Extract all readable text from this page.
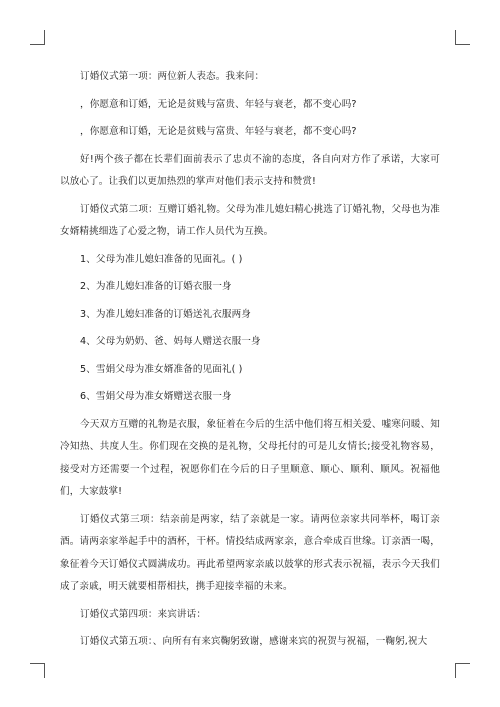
订婚仪式第一项：两位新人表态。我来问：

，你愿意和订婚，无论是贫贱与富贵、年轻与衰老，都不变心吗?

，你愿意和订婚，无论是贫贱与富贵、年轻与衰老，都不变心吗?

好!两个孩子都在长辈们面前表示了忠贞不渝的态度，各自向对方作了承诺，大家可以放心了。让我们以更加热烈的掌声对他们表示支持和赞赏!

订婚仪式第二项：互赠订婚礼物。父母为准儿媳妇精心挑选了订婚礼物，父母也为准女婿精挑细选了心爱之物，请工作人员代为互换。

1、父母为准儿媳妇准备的见面礼。( )

2、为准儿媳妇准备的订婚衣服一身

3、为准儿媳妇准备的订婚送礼衣服两身

4、父母为奶奶、爸、妈每人赠送衣服一身

5、雪娟父母为准女婿准备的见面礼( )

6、雪娟父母为准女婿赠送衣服一身

今天双方互赠的礼物是衣服，象征着在今后的生活中他们将互相关爱、嘘寒问暖、知冷知热、共度人生。你们现在交换的是礼物，父母托付的可是儿女情长;接受礼物容易，接受对方还需要一个过程，祝愿你们在今后的日子里顺意、顺心、顺利、顺风。祝福他们，大家鼓掌!

订婚仪式第三项：结亲前是两家，结了亲就是一家。请两位亲家共同举杯，喝订亲酒。请两亲家举起手中的酒杯，干杯。情投结成两家亲，意合牵成百世缘。订亲酒一喝，象征着今天订婚仪式圆满成功。再此希望两家亲戚以鼓掌的形式表示祝福，表示今天我们成了亲戚，明天就要相帮相扶，携手迎接幸福的未来。

订婚仪式第四项：来宾讲话：

订婚仪式第五项：、向所有有来宾鞠躬致谢，感谢来宾的祝贺与祝福，一鞠躬,祝大
